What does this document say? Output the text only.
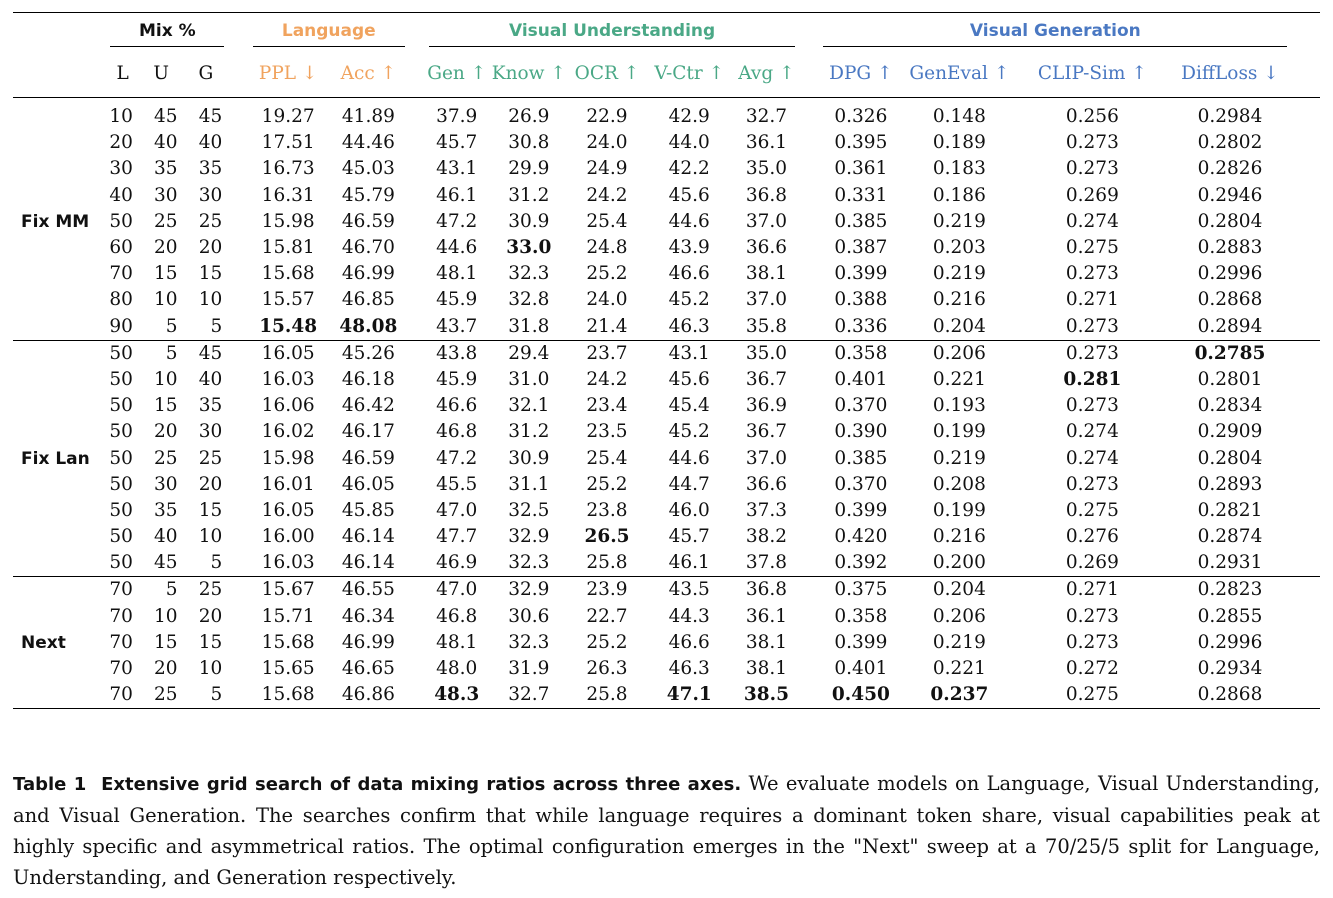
	Mix %				Language			Visual Understanding						Visual Generation				

	L	U	G		PPL ↓	Acc ↑		Gen ↑	Know ↑	OCR ↑	V-Ctr ↑	Avg ↑		DPG ↑	GenEval ↑	CLIP-Sim ↑	DiffLoss ↓	
	10	45	45		19.27	41.89		37.9	26.9	22.9	42.9	32.7		0.326	0.148	0.256	0.2984	
	20	40	40		17.51	44.46		45.7	30.8	24.0	44.0	36.1		0.395	0.189	0.273	0.2802	
	30	35	35		16.73	45.03		43.1	29.9	24.9	42.2	35.0		0.361	0.183	0.273	0.2826	
	40	30	30		16.31	45.79		46.1	31.2	24.2	45.6	36.8		0.331	0.186	0.269	0.2946	
Fix MM	50	25	25		15.98	46.59		47.2	30.9	25.4	44.6	37.0		0.385	0.219	0.274	0.2804	
	60	20	20		15.81	46.70		44.6	33.0	24.8	43.9	36.6		0.387	0.203	0.275	0.2883	
	70	15	15		15.68	46.99		48.1	32.3	25.2	46.6	38.1		0.399	0.219	0.273	0.2996	
	80	10	10		15.57	46.85		45.9	32.8	24.0	45.2	37.0		0.388	0.216	0.271	0.2868	
	90	5	5		15.48	48.08		43.7	31.8	21.4	46.3	35.8		0.336	0.204	0.273	0.2894	
	50	5	45		16.05	45.26		43.8	29.4	23.7	43.1	35.0		0.358	0.206	0.273	0.2785	
	50	10	40		16.03	46.18		45.9	31.0	24.2	45.6	36.7		0.401	0.221	0.281	0.2801	
	50	15	35		16.06	46.42		46.6	32.1	23.4	45.4	36.9		0.370	0.193	0.273	0.2834	
	50	20	30		16.02	46.17		46.8	31.2	23.5	45.2	36.7		0.390	0.199	0.274	0.2909	
Fix Lan	50	25	25		15.98	46.59		47.2	30.9	25.4	44.6	37.0		0.385	0.219	0.274	0.2804	
	50	30	20		16.01	46.05		45.5	31.1	25.2	44.7	36.6		0.370	0.208	0.273	0.2893	
	50	35	15		16.05	45.85		47.0	32.5	23.8	46.0	37.3		0.399	0.199	0.275	0.2821	
	50	40	10		16.00	46.14		47.7	32.9	26.5	45.7	38.2		0.420	0.216	0.276	0.2874	
	50	45	5		16.03	46.14		46.9	32.3	25.8	46.1	37.8		0.392	0.200	0.269	0.2931	
	70	5	25		15.67	46.55		47.0	32.9	23.9	43.5	36.8		0.375	0.204	0.271	0.2823	
	70	10	20		15.71	46.34		46.8	30.6	22.7	44.3	36.1		0.358	0.206	0.273	0.2855	
Next	70	15	15		15.68	46.99		48.1	32.3	25.2	46.6	38.1		0.399	0.219	0.273	0.2996	
	70	20	10		15.65	46.65		48.0	31.9	26.3	46.3	38.1		0.401	0.221	0.272	0.2934	
	70	25	5		15.68	46.86		48.3	32.7	25.8	47.1	38.5		0.450	0.237	0.275	0.2868	
Table 1 Extensive grid search of data mixing ratios across three axes. We evaluate models on Language, Visual Understanding, and Visual Generation. The searches confirm that while language requires a dominant token share, visual capabilities peak at highly specific and asymmetrical ratios. The optimal configuration emerges in the "Next" sweep at a 70/25/5 split for Language, Understanding, and Generation respectively.
